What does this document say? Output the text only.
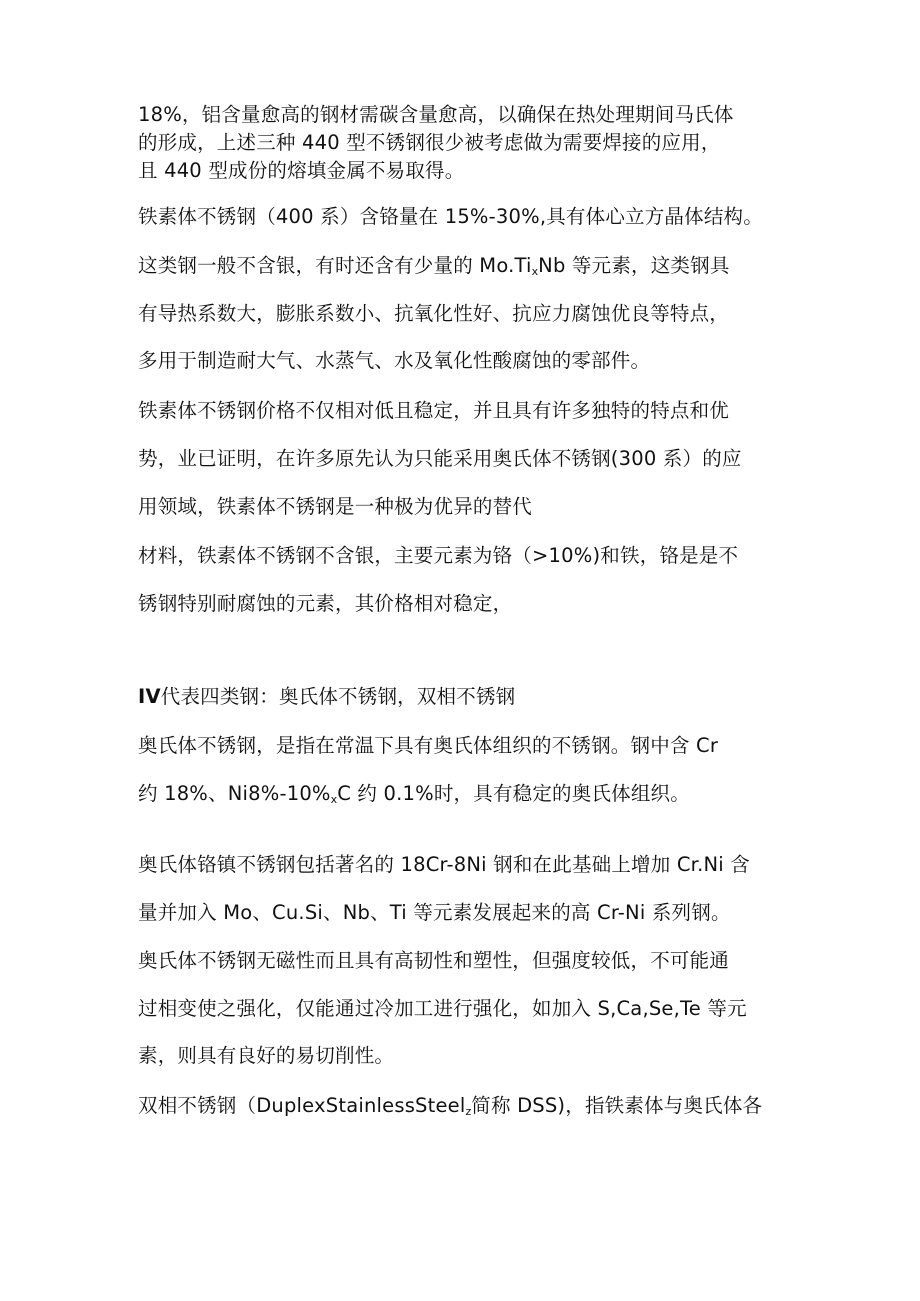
18%，铝含量愈高的钢材需碳含量愈高，以确保在热处理期间马氏体
的形成，上述三种 440 型不锈钢很少被考虑做为需要焊接的应用，
且 440 型成份的熔填金属不易取得。
铁素体不锈钢（400 系）含铬量在 15%-30%,具有体心立方晶体结构。
这类钢一般不含银，有时还含有少量的 $Mo.Ti_xNb$ 等元素，这类钢具
有导热系数大，膨胀系数小、抗氧化性好、抗应力腐蚀优良等特点，
多用于制造耐大气、水蒸气、水及氧化性酸腐蚀的零部件。
铁素体不锈钢价格不仅相对低且稳定，并且具有许多独特的特点和优
势，业已证明，在许多原先认为只能采用奥氏体不锈钢(300 系）的应
用领域，铁素体不锈钢是一种极为优异的替代
材料，铁素体不锈钢不含银，主要元素为铬（>10%)和铁，铬是是不
锈钢特别耐腐蚀的元素，其价格相对稳定，
IV代表四类钢：奥氏体不锈钢，双相不锈钢
奥氏体不锈钢，是指在常温下具有奥氏体组织的不锈钢。钢中含 Cr
约 18%、$Ni8\%-10\%_xC$ 约 0.1%时，具有稳定的奥氏体组织。
奥氏体铬镇不锈钢包括著名的 18Cr-8Ni 钢和在此基础上增加 Cr.Ni 含
量并加入 Mo、Cu.Si、Nb、Ti 等元素发展起来的高 Cr-Ni 系列钢。
奥氏体不锈钢无磁性而且具有高韧性和塑性，但强度较低，不可能通
过相变使之强化，仅能通过冷加工进行强化，如加入 S,Ca,Se,Te 等元
素，则具有良好的易切削性。
双相不锈钢（DuplexStainlessSteel$_z$简称 DSS)，指铁素体与奥氏体各
